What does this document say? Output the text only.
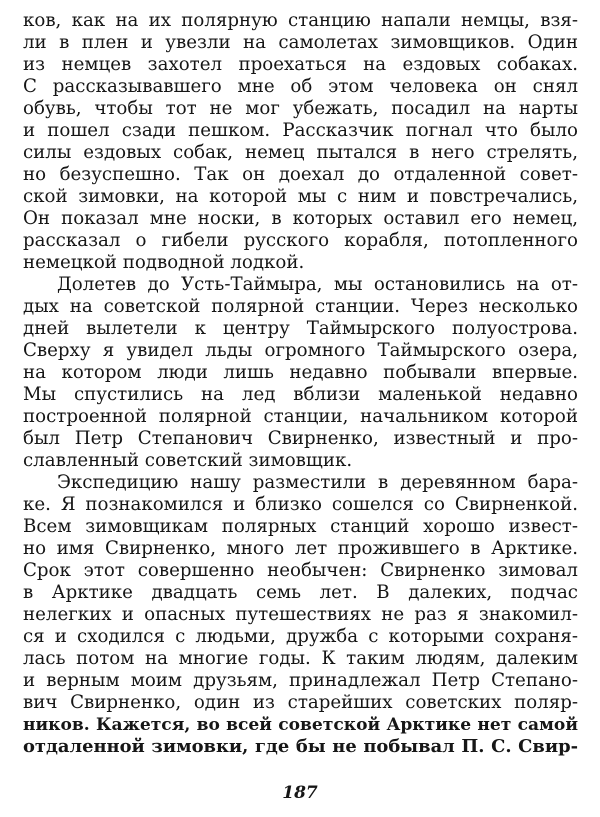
ков, как на их полярную станцию напали немцы, взя-
ли в плен и увезли на самолетах зимовщиков. Один
из немцев захотел проехаться на ездовых собаках.
С рассказывавшего мне об этом человека он снял
обувь, чтобы тот не мог убежать, посадил на нарты
и пошел сзади пешком. Рассказчик погнал что было
силы ездовых собак, немец пытался в него стрелять,
но безуспешно. Так он доехал до отдаленной совет-
ской зимовки, на которой мы с ним и повстречались,
Он показал мне носки, в которых оставил его немец,
рассказал о гибели русского корабля, потопленного
немецкой подводной лодкой.
Долетев до Усть-Таймыра, мы остановились на от-
дых на советской полярной станции. Через несколько
дней вылетели к центру Таймырского полуострова.
Сверху я увидел льды огромного Таймырского озера,
на котором люди лишь недавно побывали впервые.
Мы спустились на лед вблизи маленькой недавно
построенной полярной станции, начальником которой
был Петр Степанович Свирненко, известный и про-
славленный советский зимовщик.
Экспедицию нашу разместили в деревянном бара-
ке. Я познакомился и близко сошелся со Свирненкой.
Всем зимовщикам полярных станций хорошо извест-
но имя Свирненко, много лет прожившего в Арктике.
Срок этот совершенно необычен: Свирненко зимовал
в Арктике двадцать семь лет. В далеких, подчас
нелегких и опасных путешествиях не раз я знакомил-
ся и сходился с людьми, дружба с которыми сохраня-
лась потом на многие годы. К таким людям, далеким
и верным моим друзьям, принадлежал Петр Степано-
вич Свирненко, один из старейших советских поляр-
ников. Кажется, во всей советской Арктике нет самой
отдаленной зимовки, где бы не побывал П. С. Свир-
187
